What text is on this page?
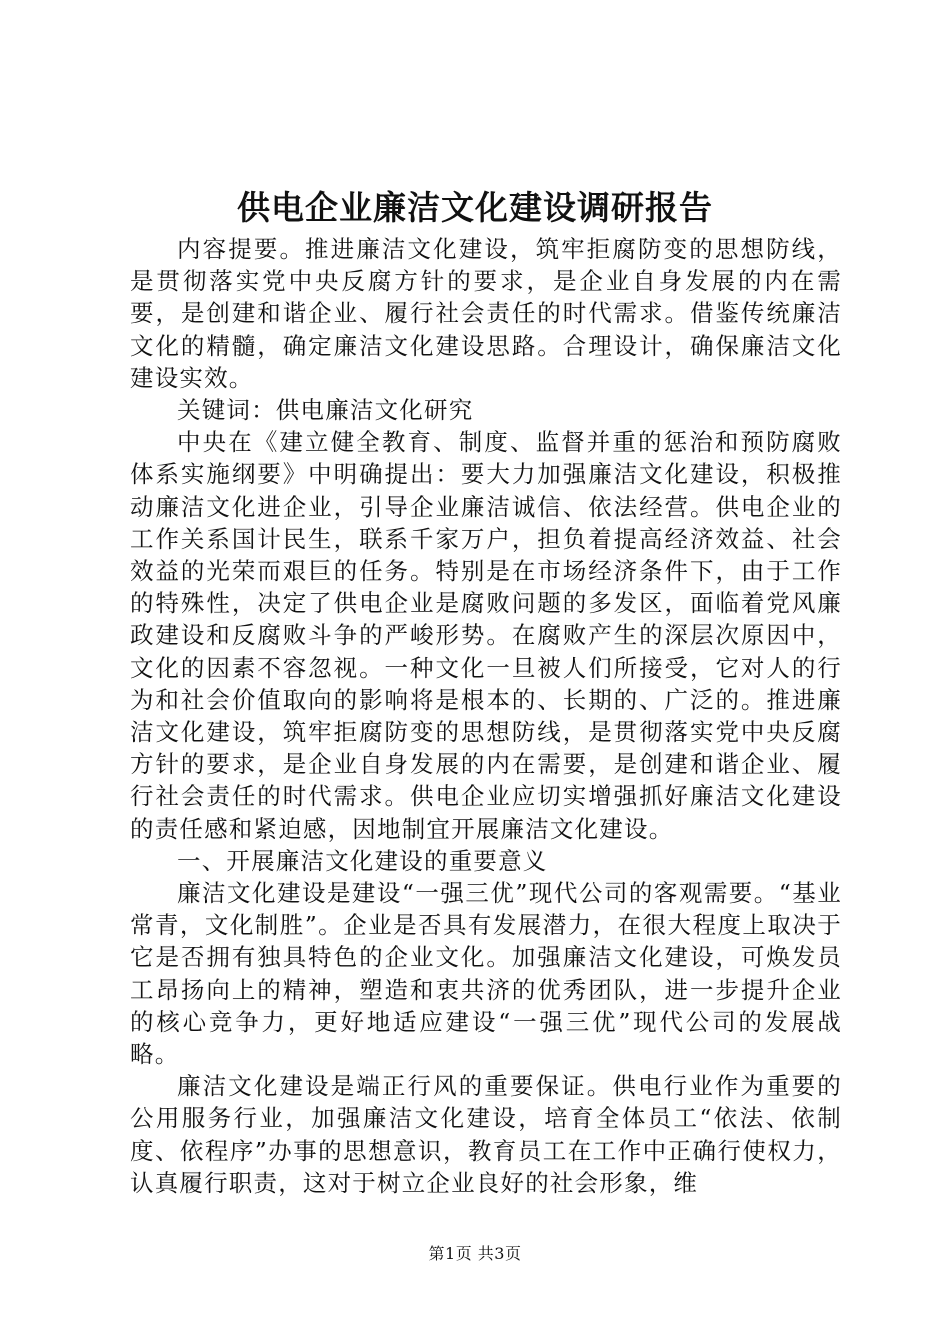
供电企业廉洁文化建设调研报告

内容提要。推进廉洁文化建设，筑牢拒腐防变的思想防线，是贯彻落实党中央反腐方针的要求，是企业自身发展的内在需要，是创建和谐企业、履行社会责任的时代需求。借鉴传统廉洁文化的精髓，确定廉洁文化建设思路。合理设计，确保廉洁文化建设实效。

关键词：供电廉洁文化研究

中央在《建立健全教育、制度、监督并重的惩治和预防腐败体系实施纲要》中明确提出：要大力加强廉洁文化建设，积极推动廉洁文化进企业，引导企业廉洁诚信、依法经营。供电企业的工作关系国计民生，联系千家万户，担负着提高经济效益、社会效益的光荣而艰巨的任务。特别是在市场经济条件下，由于工作的特殊性，决定了供电企业是腐败问题的多发区，面临着党风廉政建设和反腐败斗争的严峻形势。在腐败产生的深层次原因中，文化的因素不容忽视。一种文化一旦被人们所接受，它对人的行为和社会价值取向的影响将是根本的、长期的、广泛的。推进廉洁文化建设，筑牢拒腐防变的思想防线，是贯彻落实党中央反腐方针的要求，是企业自身发展的内在需要，是创建和谐企业、履行社会责任的时代需求。供电企业应切实增强抓好廉洁文化建设的责任感和紧迫感，因地制宜开展廉洁文化建设。

一、开展廉洁文化建设的重要意义

廉洁文化建设是建设“一强三优”现代公司的客观需要。“基业常青，文化制胜”。企业是否具有发展潜力，在很大程度上取决于它是否拥有独具特色的企业文化。加强廉洁文化建设，可焕发员工昂扬向上的精神，塑造和衷共济的优秀团队，进一步提升企业的核心竞争力，更好地适应建设“一强三优”现代公司的发展战略。

廉洁文化建设是端正行风的重要保证。供电行业作为重要的公用服务行业，加强廉洁文化建设，培育全体员工“依法、依制度、依程序”办事的思想意识，教育员工在工作中正确行使权力，认真履行职责，这对于树立企业良好的社会形象，维

第1页 共3页
